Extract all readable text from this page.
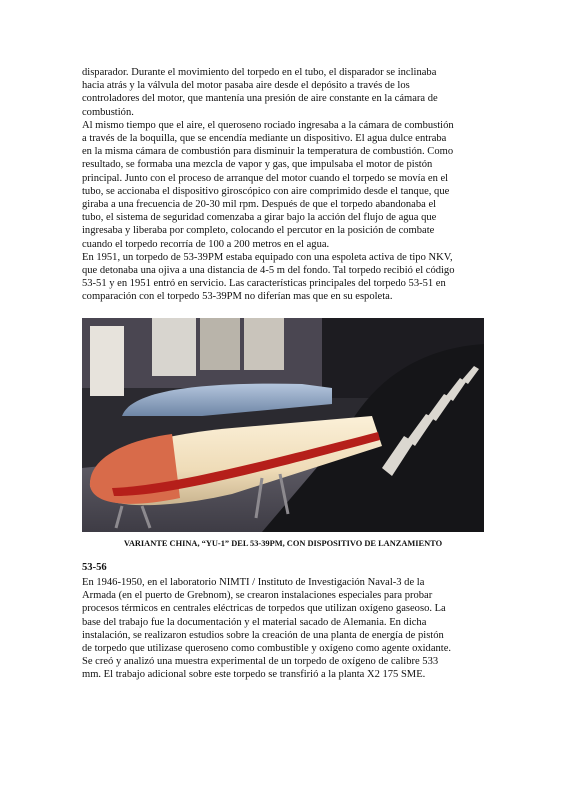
disparador. Durante el movimiento del torpedo en el tubo, el disparador se inclinaba

hacia atrás y la válvula del motor pasaba aire desde el depósito a través de los

controladores del motor, que mantenía una presión de aire constante en la cámara de

combustión.

Al mismo tiempo que el aire, el queroseno rociado ingresaba a la cámara de combustión

a través de la boquilla, que se encendía mediante un dispositivo. El agua dulce entraba

en la misma cámara de combustión para disminuir la temperatura de combustión. Como

resultado, se formaba una mezcla de vapor y gas, que impulsaba el motor de pistón

principal. Junto con el proceso de arranque del motor cuando el torpedo se movía en el

tubo, se accionaba el dispositivo giroscópico con aire comprimido desde el tanque, que

giraba a una frecuencia de 20-30 mil rpm. Después de que el torpedo abandonaba el

tubo, el sistema de seguridad comenzaba a girar bajo la acción del flujo de agua que

ingresaba y liberaba por completo, colocando el percutor en la posición de combate

cuando el torpedo recorría de 100 a 200 metros en el agua.

En 1951, un torpedo de 53-39PM estaba equipado con una espoleta activa de tipo NKV,

que detonaba una ojiva a una distancia de 4-5 m del fondo. Tal torpedo recibió el código

53-51 y en 1951 entró en servicio. Las características principales del torpedo 53-51 en

comparación con el torpedo 53-39PM no diferían mas que en su espoleta.

VARIANTE CHINA, “YU-1” DEL 53-39PM, CON DISPOSITIVO DE LANZAMIENTO
53-56

En 1946-1950, en el laboratorio NIMTI / Instituto de Investigación Naval-3 de la

Armada (en el puerto de Grebnom), se crearon instalaciones especiales para probar

procesos térmicos en centrales eléctricas de torpedos que utilizan oxígeno gaseoso. La

base del trabajo fue la documentación y el material sacado de Alemania. En dicha

instalación, se realizaron estudios sobre la creación de una planta de energía de pistón

de torpedo que utilizase queroseno como combustible y oxígeno como agente oxidante.

Se creó y analizó una muestra experimental de un torpedo de oxígeno de calibre 533

mm. El trabajo adicional sobre este torpedo se transfirió a la planta X2 175 SME.
